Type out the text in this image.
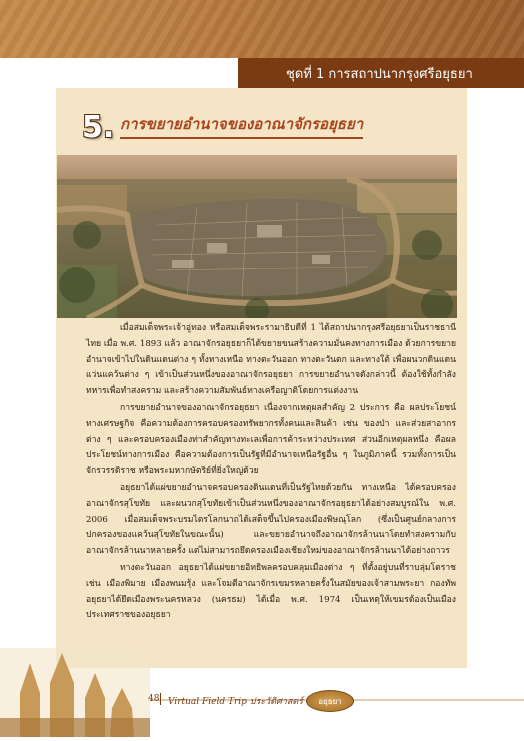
ชุดที่ 1 การสถาปนากรุงศรีอยุธยา
5. การขยายอำนาจของอาณาจักรอยุธยา

เมื่อสมเด็จพระเจ้าอู่ทอง หรือสมเด็จพระรามาธิบดีที่ 1 ได้สถาปนากรุงศรีอยุธยาเป็นราชธานีไทย เมื่อ พ.ศ. 1893 แล้ว อาณาจักรอยุธยาก็ได้ขยายขนสร้างความมั่นคงทางการเมือง ด้วยการขยายอำนาจเข้าไปในดินแดนต่าง ๆ ทั้งทางเหนือ ทางตะวันออก ทางตะวันตก และทางใต้ เพื่อผนวกดินแดนแว่นแคว้นต่าง ๆ เข้าเป็นส่วนหนึ่งของอาณาจักรอยุธยา การขยายอำนาจดังกล่าวนี้ ต้องใช้ทั้งกำลังทหารเพื่อทำสงคราม และสร้างความสัมพันธ์ทางเครือญาติโดยการแต่งงาน

การขยายอำนาจของอาณาจักรอยุธยา เนื่องจากเหตุผลสำคัญ 2 ประการ คือ ผลประโยชน์ทางเศรษฐกิจ คือความต้องการครอบครองทรัพยากรทั้งคนและสินค้า เช่น ของป่า และส่วยสาอากรต่าง ๆ และครอบครองเมืองท่าสำคัญทางทะเลเพื่อการค้าระหว่างประเทศ ส่วนอีกเหตุผลหนึ่ง คือผลประโยชน์ทางการเมือง คือความต้องการเป็นรัฐที่มีอำนาจเหนือรัฐอื่น ๆ ในภูมิภาคนี้ รวมทั้งการเป็นจักรวรรดิราช หรือพระมหากษัตริย์ที่ยิ่งใหญ่ด้วย

อยุธยาได้แผ่ขยายอำนาจครอบครองดินแดนที่เป็นรัฐไทยด้วยกัน ทางเหนือ ได้ครอบครองอาณาจักรสุโขทัย และผนวกสุโขทัยเข้าเป็นส่วนหนึ่งของอาณาจักรอยุธยาได้อย่างสมบูรณ์ใน พ.ศ. 2006 เมื่อสมเด็จพระบรมไตรโลกนาถได้เสด็จขึ้นไปครองเมืองพิษณุโลก (ซึ่งเป็นศูนย์กลางการปกครองของแคว้นสุโขทัยในขณะนั้น) และขยายอำนาจถึงอาณาจักรล้านนาโดยทำสงครามกับอาณาจักรล้านนาหลายครั้ง แต่ไม่สามารถยึดครองเมืองเชียงใหม่ของอาณาจักรล้านนาได้อย่างถาวร

ทางตะวันออก อยุธยาได้แผ่ขยายอิทธิพลครอบคลุมเมืองต่าง ๆ ที่ตั้งอยู่บนที่ราบลุ่มโตราช เช่น เมืองพิมาย เมืองพนมรุ้ง และโจมตีอาณาจักรเขมรหลายครั้งในสมัยของเจ้าสามพระยา กองทัพอยุธยาได้ยึดเมืองพระนครหลวง (นครธม) ได้เมื่อ พ.ศ. 1974 เป็นเหตุให้เขมรต้องเป็นเมืองประเทศราชของอยุธยา

48 Virtual Field Trip ประวัติศาสตร์ อยุธยา
